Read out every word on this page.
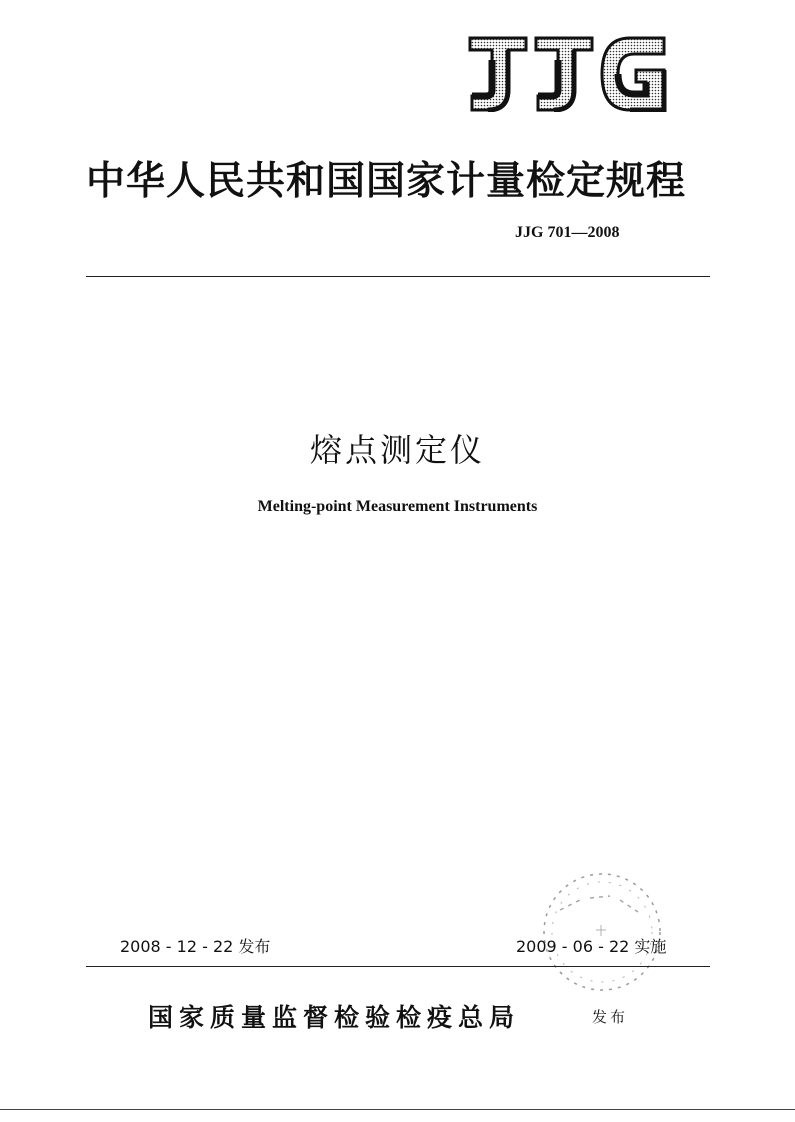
中华人民共和国国家计量检定规程
JJG 701—2008
熔点测定仪
Melting-point Measurement Instruments
2008 - 12 - 22 发布	2009 - 06 - 22 实施
国家质量监督检验检疫总局	发布
